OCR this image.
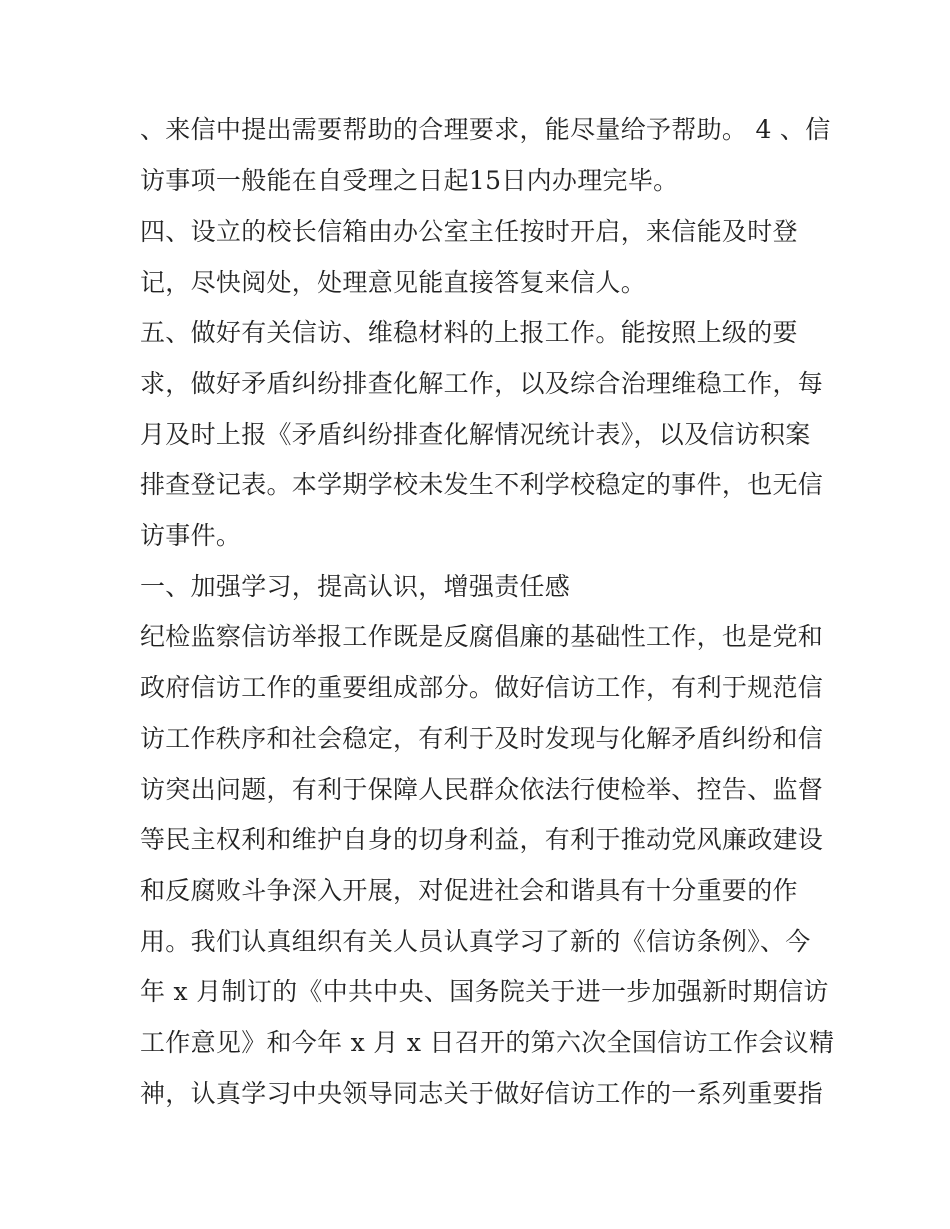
、来信中提出需要帮助的合理要求，能尽量给予帮助。 4 、信
访事项一般能在自受理之日起15日内办理完毕。
四、设立的校长信箱由办公室主任按时开启，来信能及时登
记，尽快阅处，处理意见能直接答复来信人。
五、做好有关信访、维稳材料的上报工作。能按照上级的要
求，做好矛盾纠纷排查化解工作，以及综合治理维稳工作，每
月及时上报《矛盾纠纷排查化解情况统计表》，以及信访积案
排查登记表。本学期学校未发生不利学校稳定的事件，也无信
访事件。
一、加强学习，提高认识，增强责任感
纪检监察信访举报工作既是反腐倡廉的基础性工作，也是党和
政府信访工作的重要组成部分。做好信访工作，有利于规范信
访工作秩序和社会稳定，有利于及时发现与化解矛盾纠纷和信
访突出问题，有利于保障人民群众依法行使检举、控告、监督
等民主权利和维护自身的切身利益，有利于推动党风廉政建设
和反腐败斗争深入开展，对促进社会和谐具有十分重要的作
用。我们认真组织有关人员认真学习了新的《信访条例》、今
年 x 月制订的《中共中央、国务院关于进一步加强新时期信访
工作意见》和今年 x 月 x 日召开的第六次全国信访工作会议精
神，认真学习中央领导同志关于做好信访工作的一系列重要指
